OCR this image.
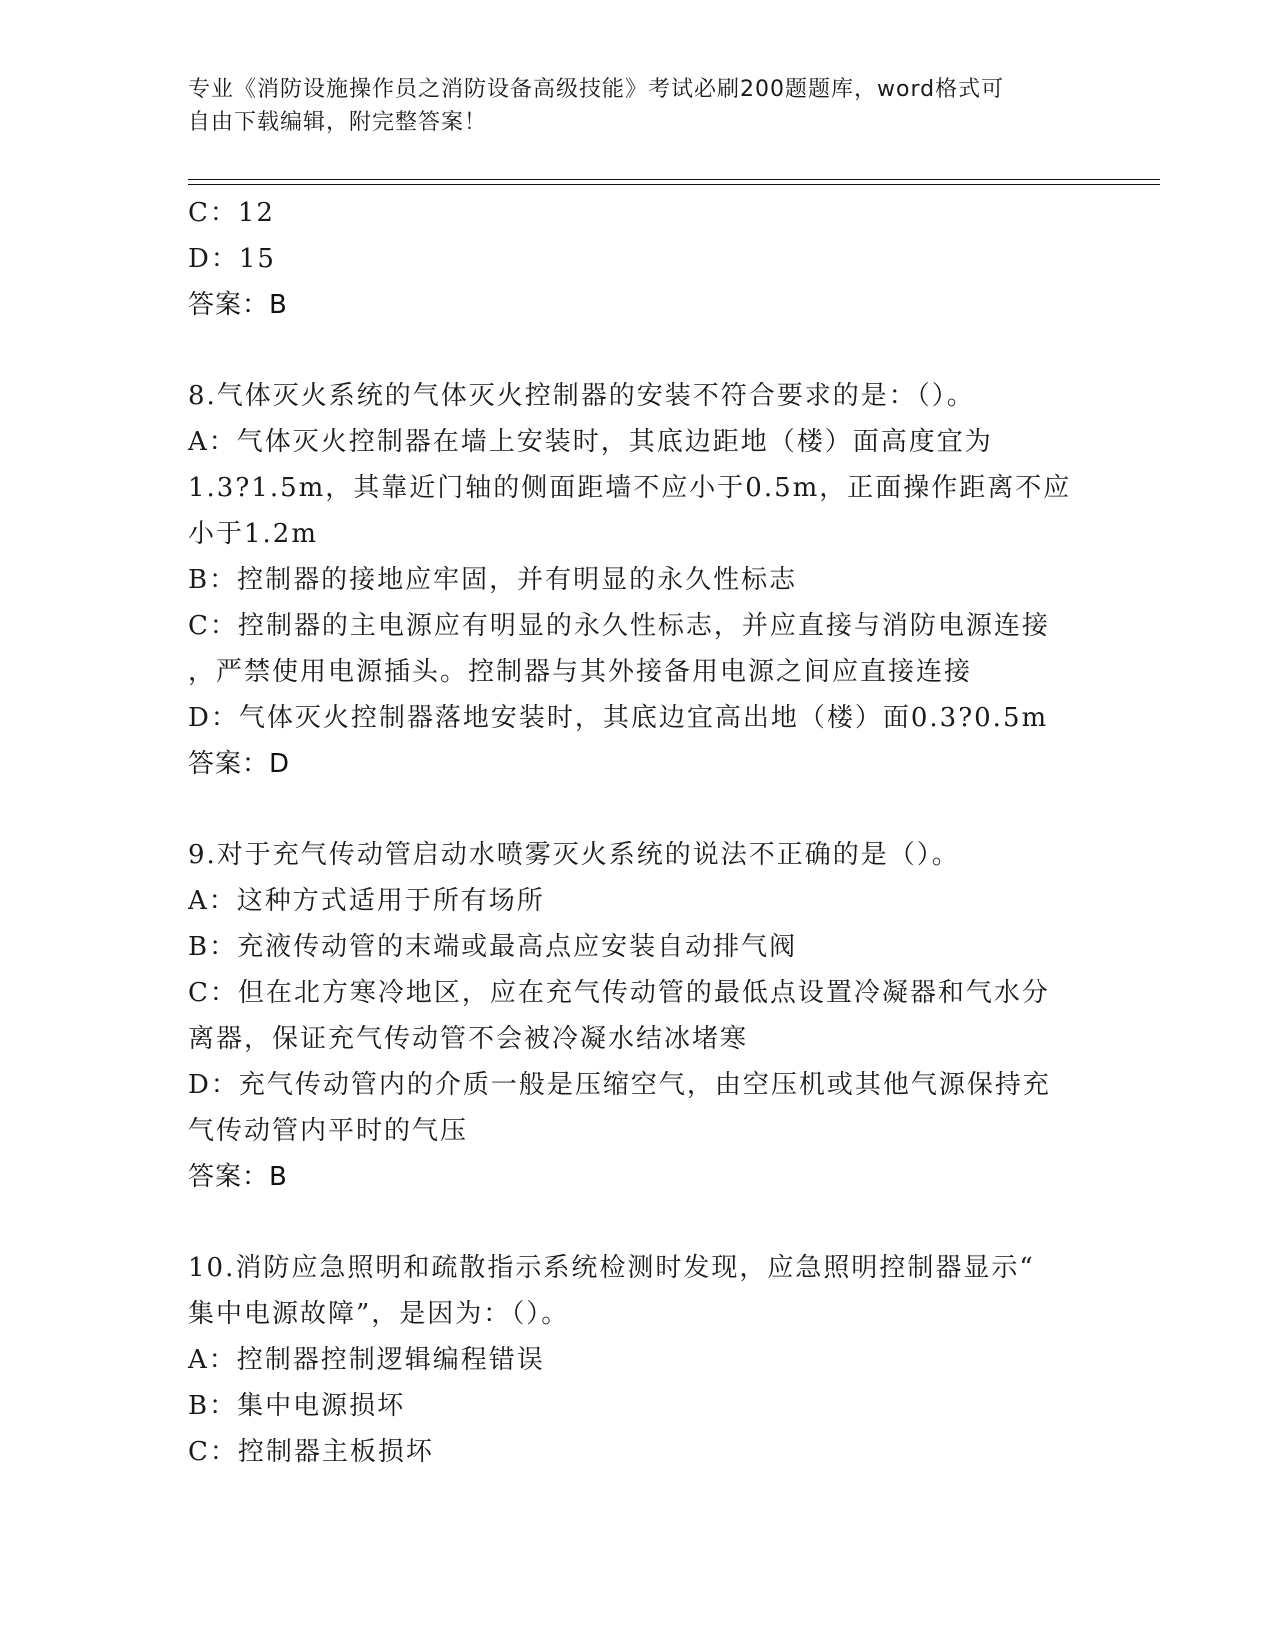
专业《消防设施操作员之消防设备高级技能》考试必刷200题题库，word格式可
自由下载编辑，附完整答案！
C：12
D：15
答案：B
8.气体灭火系统的气体灭火控制器的安装不符合要求的是：（）。
A：气体灭火控制器在墙上安装时，其底边距地（楼）面高度宜为
1.3?1.5m，其靠近门轴的侧面距墙不应小于0.5m，正面操作距离不应
小于1.2m
B：控制器的接地应牢固，并有明显的永久性标志
C：控制器的主电源应有明显的永久性标志，并应直接与消防电源连接
，严禁使用电源插头。控制器与其外接备用电源之间应直接连接
D：气体灭火控制器落地安装时，其底边宜高出地（楼）面0.3?0.5m
答案：D
9.对于充气传动管启动水喷雾灭火系统的说法不正确的是（）。
A：这种方式适用于所有场所
B：充液传动管的末端或最高点应安装自动排气阀
C：但在北方寒冷地区，应在充气传动管的最低点设置冷凝器和气水分
离器，保证充气传动管不会被冷凝水结冰堵寒
D：充气传动管内的介质一般是压缩空气，由空压机或其他气源保持充
气传动管内平时的气压
答案：B
10.消防应急照明和疏散指示系统检测时发现，应急照明控制器显示“
集中电源故障”，是因为：（）。
A：控制器控制逻辑编程错误
B：集中电源损坏
C：控制器主板损坏
